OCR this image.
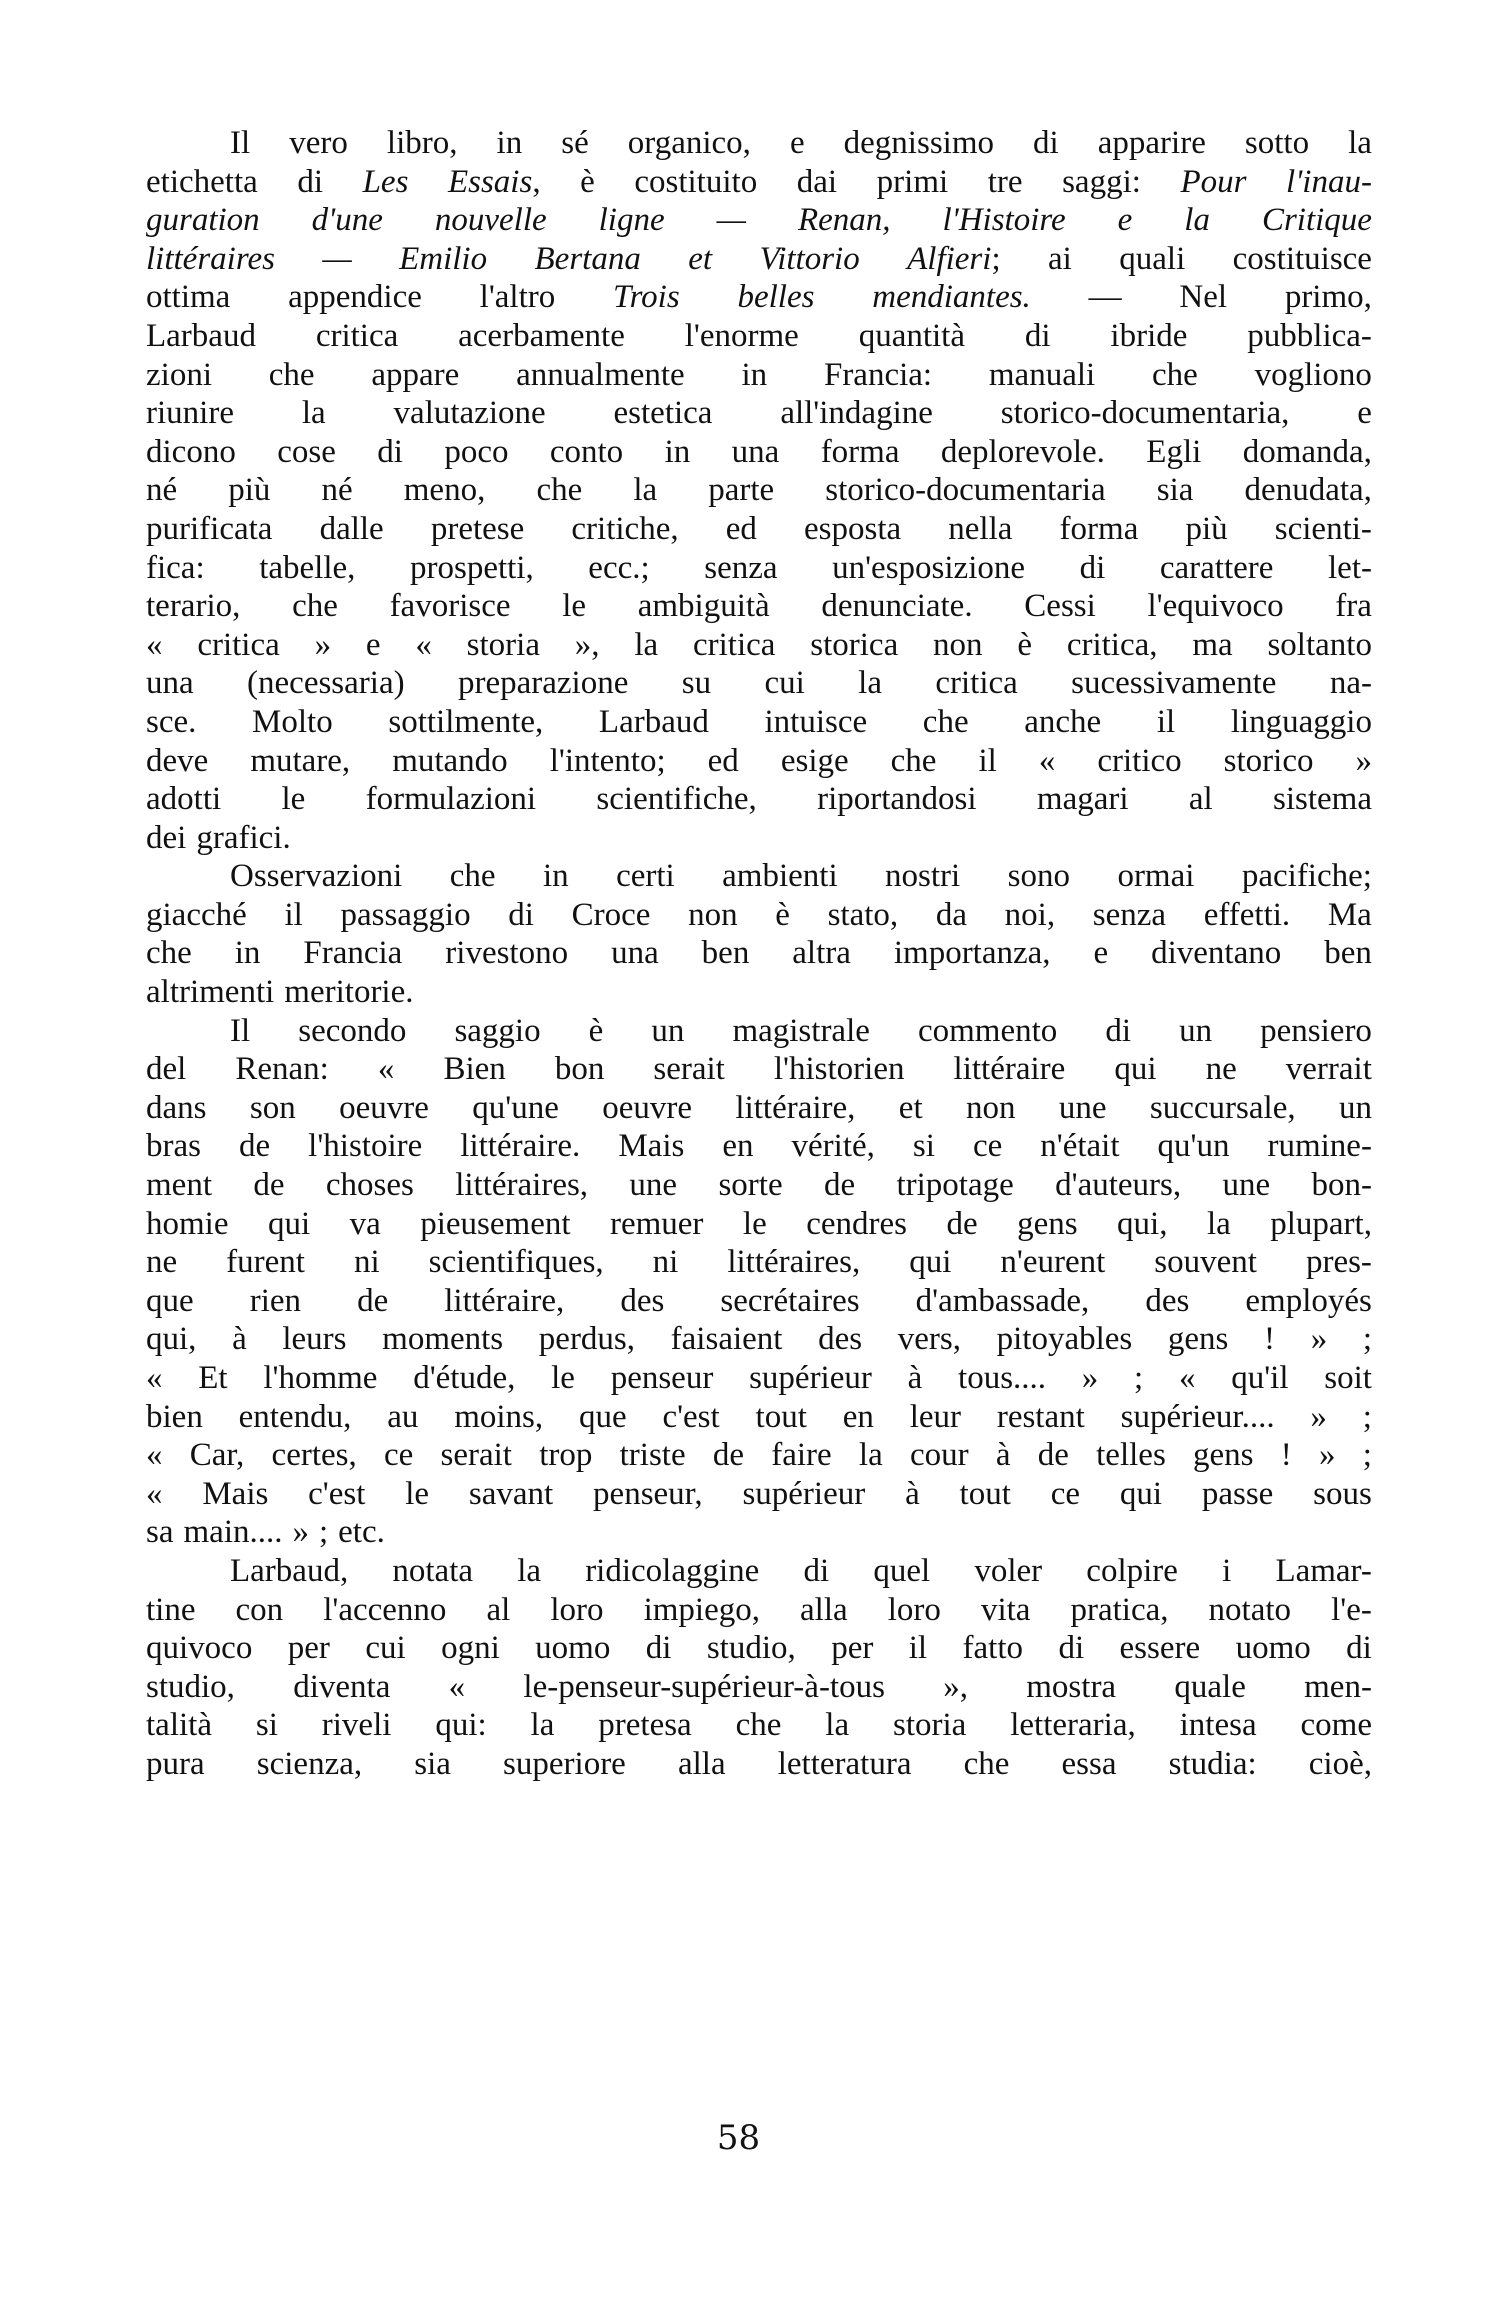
Il vero libro, in sé organico, e degnissimo di apparire sotto la
etichetta di Les Essais, è costituito dai primi tre saggi: Pour l'inau-
guration d'une nouvelle ligne — Renan, l'Histoire e la Critique
littéraires — Emilio Bertana et Vittorio Alfieri; ai quali costituisce
ottima appendice l'altro Trois belles mendiantes. — Nel primo,
Larbaud critica acerbamente l'enorme quantità di ibride pubblica-
zioni che appare annualmente in Francia: manuali che vogliono
riunire la valutazione estetica all'indagine storico-documentaria, e
dicono cose di poco conto in una forma deplorevole. Egli domanda,
né più né meno, che la parte storico-documentaria sia denudata,
purificata dalle pretese critiche, ed esposta nella forma più scienti-
fica: tabelle, prospetti, ecc.; senza un'esposizione di carattere let-
terario, che favorisce le ambiguità denunciate. Cessi l'equivoco fra
« critica » e « storia », la critica storica non è critica, ma soltanto
una (necessaria) preparazione su cui la critica sucessivamente na-
sce. Molto sottilmente, Larbaud intuisce che anche il linguaggio
deve mutare, mutando l'intento; ed esige che il « critico storico »
adotti le formulazioni scientifiche, riportandosi magari al sistema
dei grafici.
Osservazioni che in certi ambienti nostri sono ormai pacifiche;
giacché il passaggio di Croce non è stato, da noi, senza effetti. Ma
che in Francia rivestono una ben altra importanza, e diventano ben
altrimenti meritorie.
Il secondo saggio è un magistrale commento di un pensiero
del Renan: « Bien bon serait l'historien littéraire qui ne verrait
dans son oeuvre qu'une oeuvre littéraire, et non une succursale, un
bras de l'histoire littéraire. Mais en vérité, si ce n'était qu'un rumine-
ment de choses littéraires, une sorte de tripotage d'auteurs, une bon-
homie qui va pieusement remuer le cendres de gens qui, la plupart,
ne furent ni scientifiques, ni littéraires, qui n'eurent souvent pres-
que rien de littéraire, des secrétaires d'ambassade, des employés
qui, à leurs moments perdus, faisaient des vers, pitoyables gens ! » ;
« Et l'homme d'étude, le penseur supérieur à tous.... » ; « qu'il soit
bien entendu, au moins, que c'est tout en leur restant supérieur.... » ;
« Car, certes, ce serait trop triste de faire la cour à de telles gens ! » ;
« Mais c'est le savant penseur, supérieur à tout ce qui passe sous
sa main.... » ; etc.
Larbaud, notata la ridicolaggine di quel voler colpire i Lamar-
tine con l'accenno al loro impiego, alla loro vita pratica, notato l'e-
quivoco per cui ogni uomo di studio, per il fatto di essere uomo di
studio, diventa « le-penseur-supérieur-à-tous », mostra quale men-
talità si riveli qui: la pretesa che la storia letteraria, intesa come
pura scienza, sia superiore alla letteratura che essa studia: cioè,
58
